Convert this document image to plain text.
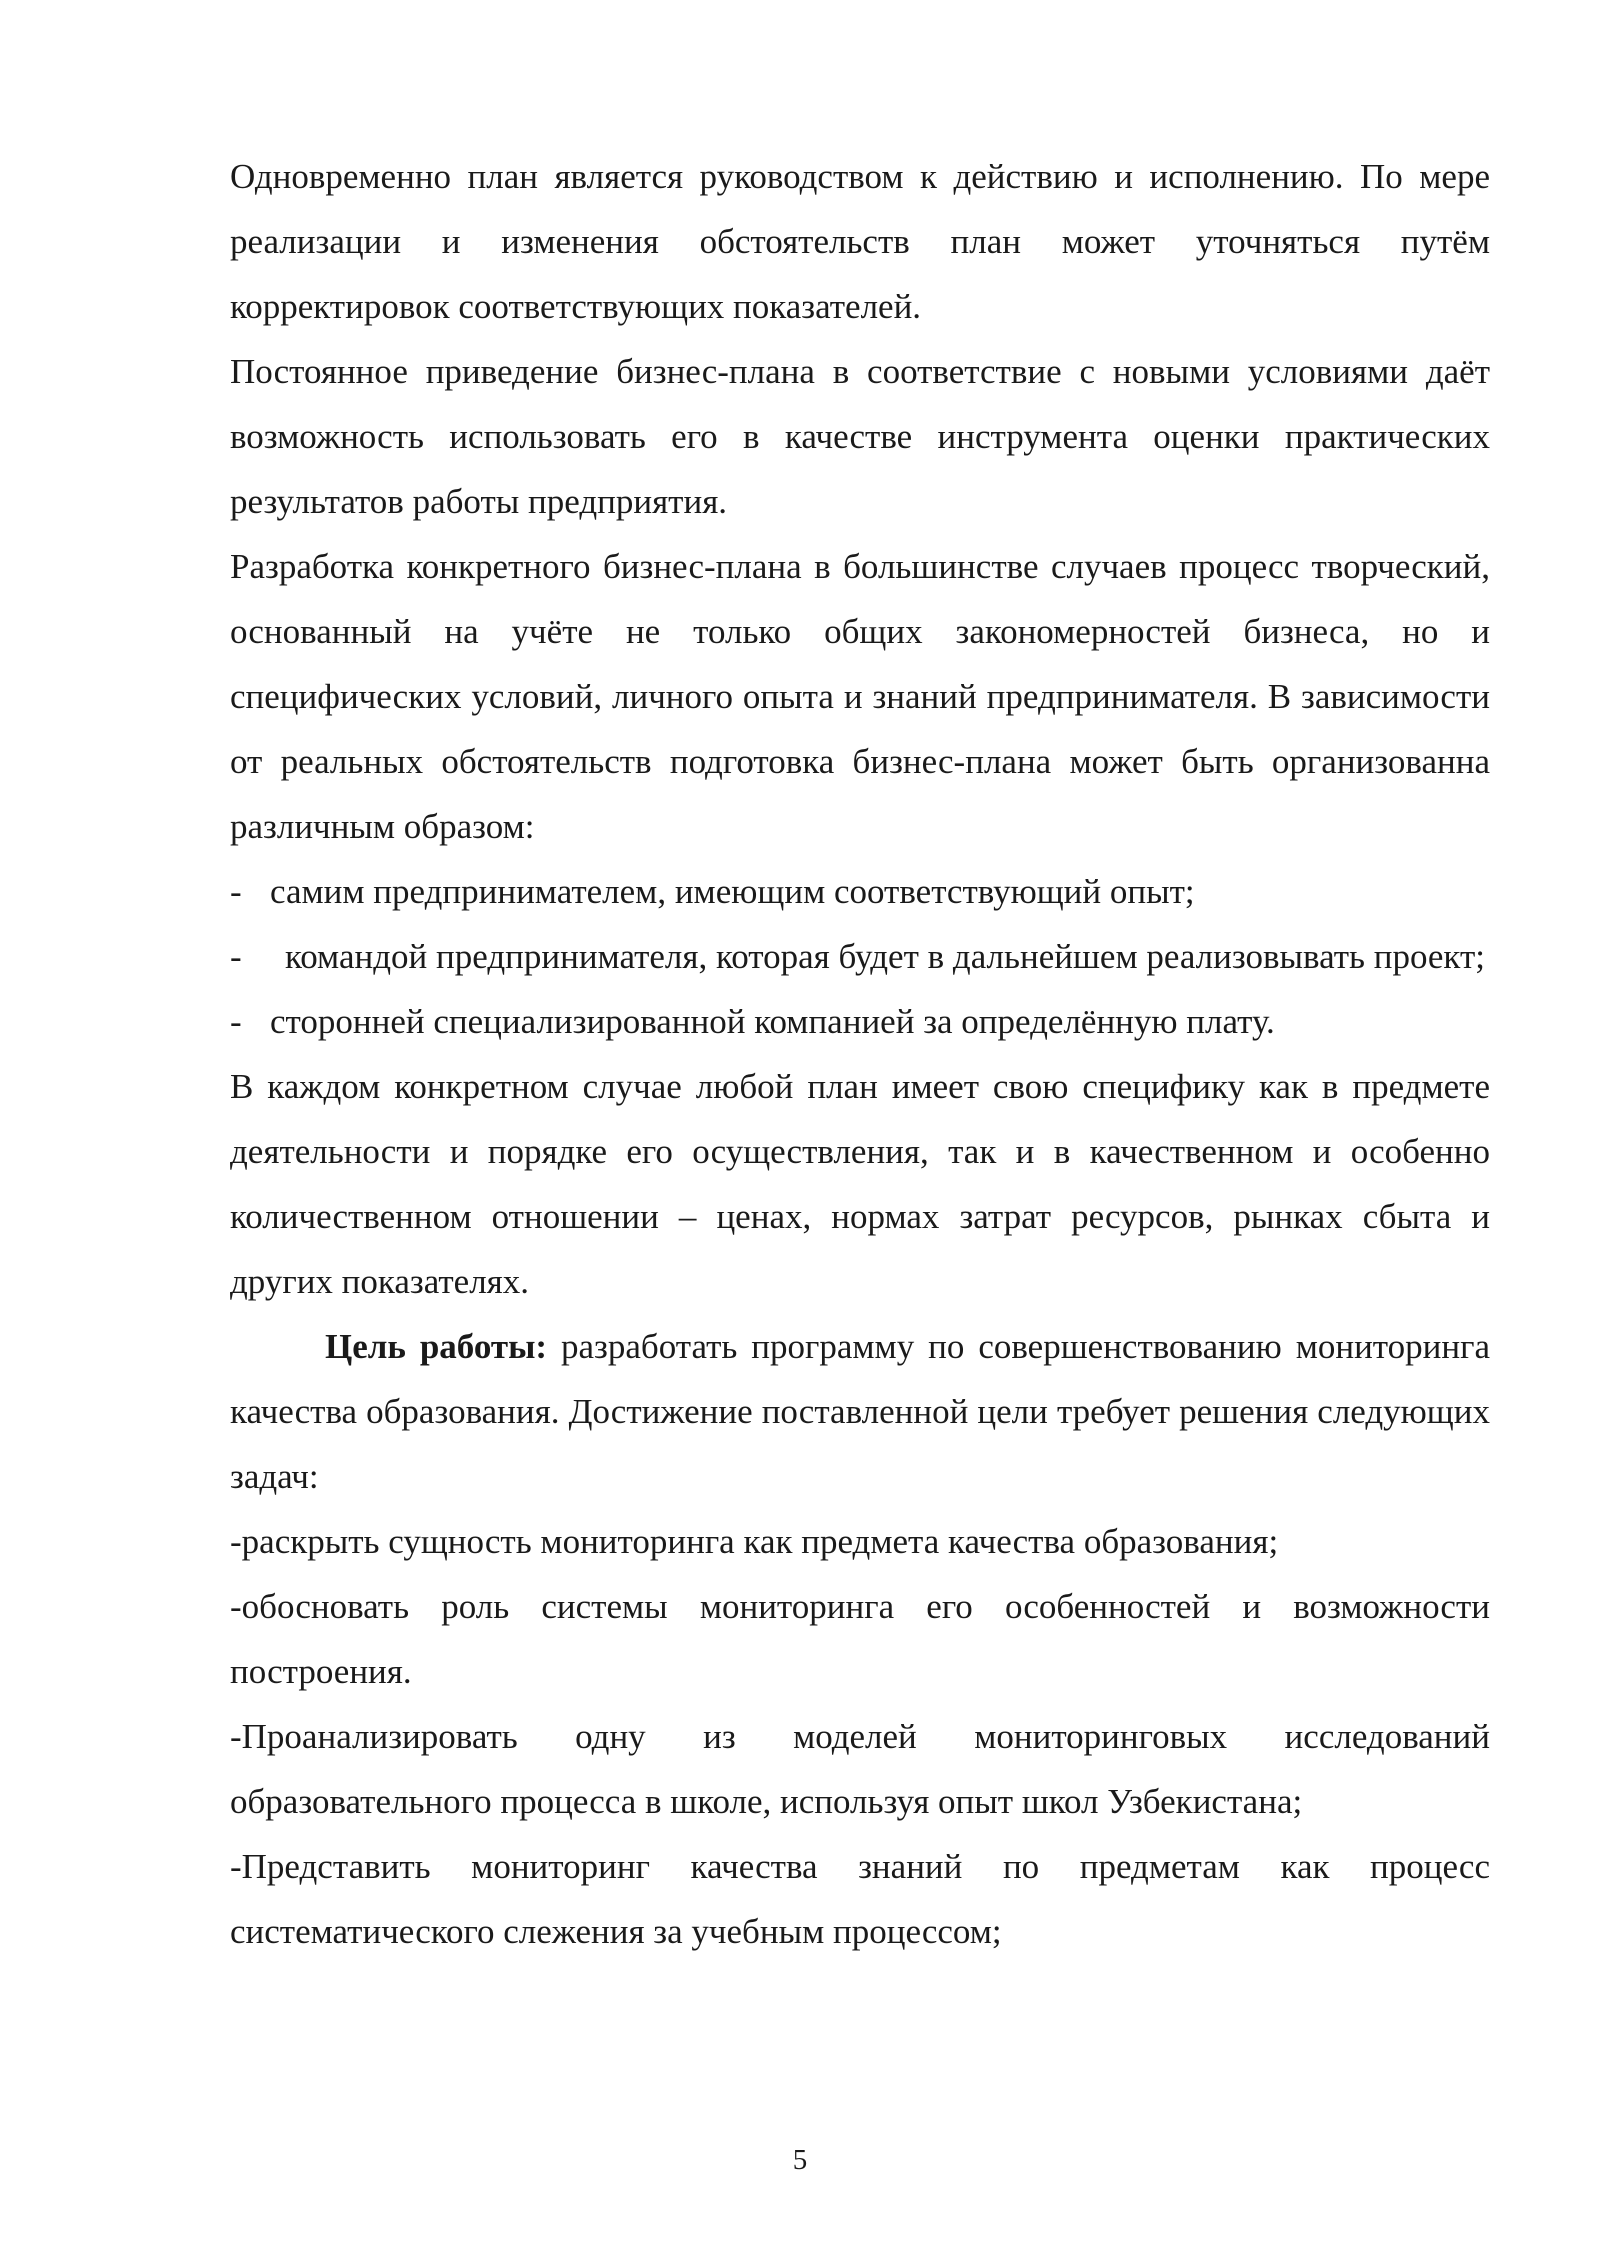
Одновременно план является руководством к действию и исполнению. По мере реализации и изменения обстоятельств план может уточняться путём корректировок соответствующих показателей.

Постоянное приведение бизнес-плана в соответствие с новыми условиями даёт возможность использовать его в качестве инструмента оценки практических результатов работы предприятия.

Разработка конкретного бизнес-плана в большинстве случаев процесс творческий, основанный на учёте не только общих закономерностей бизнеса, но и специфических условий, личного опыта и знаний предпринимателя. В зависимости от реальных обстоятельств подготовка бизнес-плана может быть организованна различным образом:

- самим предпринимателем, имеющим соответствующий опыт;

- командой предпринимателя, которая будет в дальнейшем реализовывать проект;

- сторонней специализированной компанией за определённую плату.

В каждом конкретном случае любой план имеет свою специфику как в предмете деятельности и порядке его осуществления, так и в качественном и особенно количественном отношении – ценах, нормах затрат ресурсов, рынках сбыта и других показателях.

Цель работы: разработать программу по совершенствованию мониторинга качества образования. Достижение поставленной цели требует решения следующих задач:

-раскрыть сущность мониторинга как предмета качества образования;

-обосновать роль системы мониторинга его особенностей и возможности построения.

-Проанализировать одну из моделей мониторинговых исследований образовательного процесса в школе, используя опыт школ Узбекистана;

-Представить мониторинг качества знаний по предметам как процесс систематического слежения за учебным процессом;

5
